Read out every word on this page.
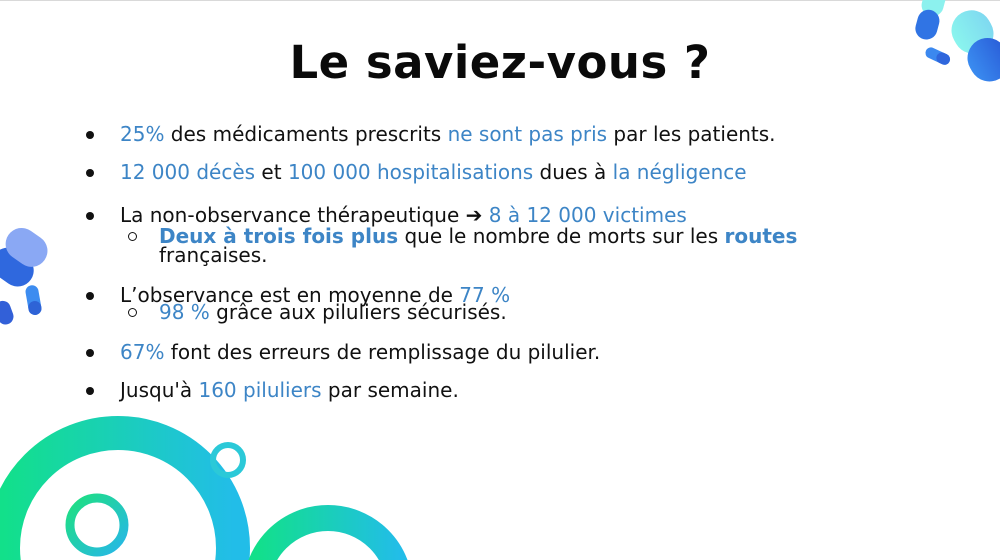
Le saviez-vous ?
25% des médicaments prescrits ne sont pas pris par les patients.
12 000 décès et 100 000 hospitalisations dues à la négligence
La non-observance thérapeutique ➔ 8 à 12 000 victimes
Deux à trois fois plus que le nombre de morts sur les routes
françaises.
L’observance est en moyenne de 77 %
98 % grâce aux piluliers sécurisés.
67% font des erreurs de remplissage du pilulier.
Jusqu'à 160 piluliers par semaine.
